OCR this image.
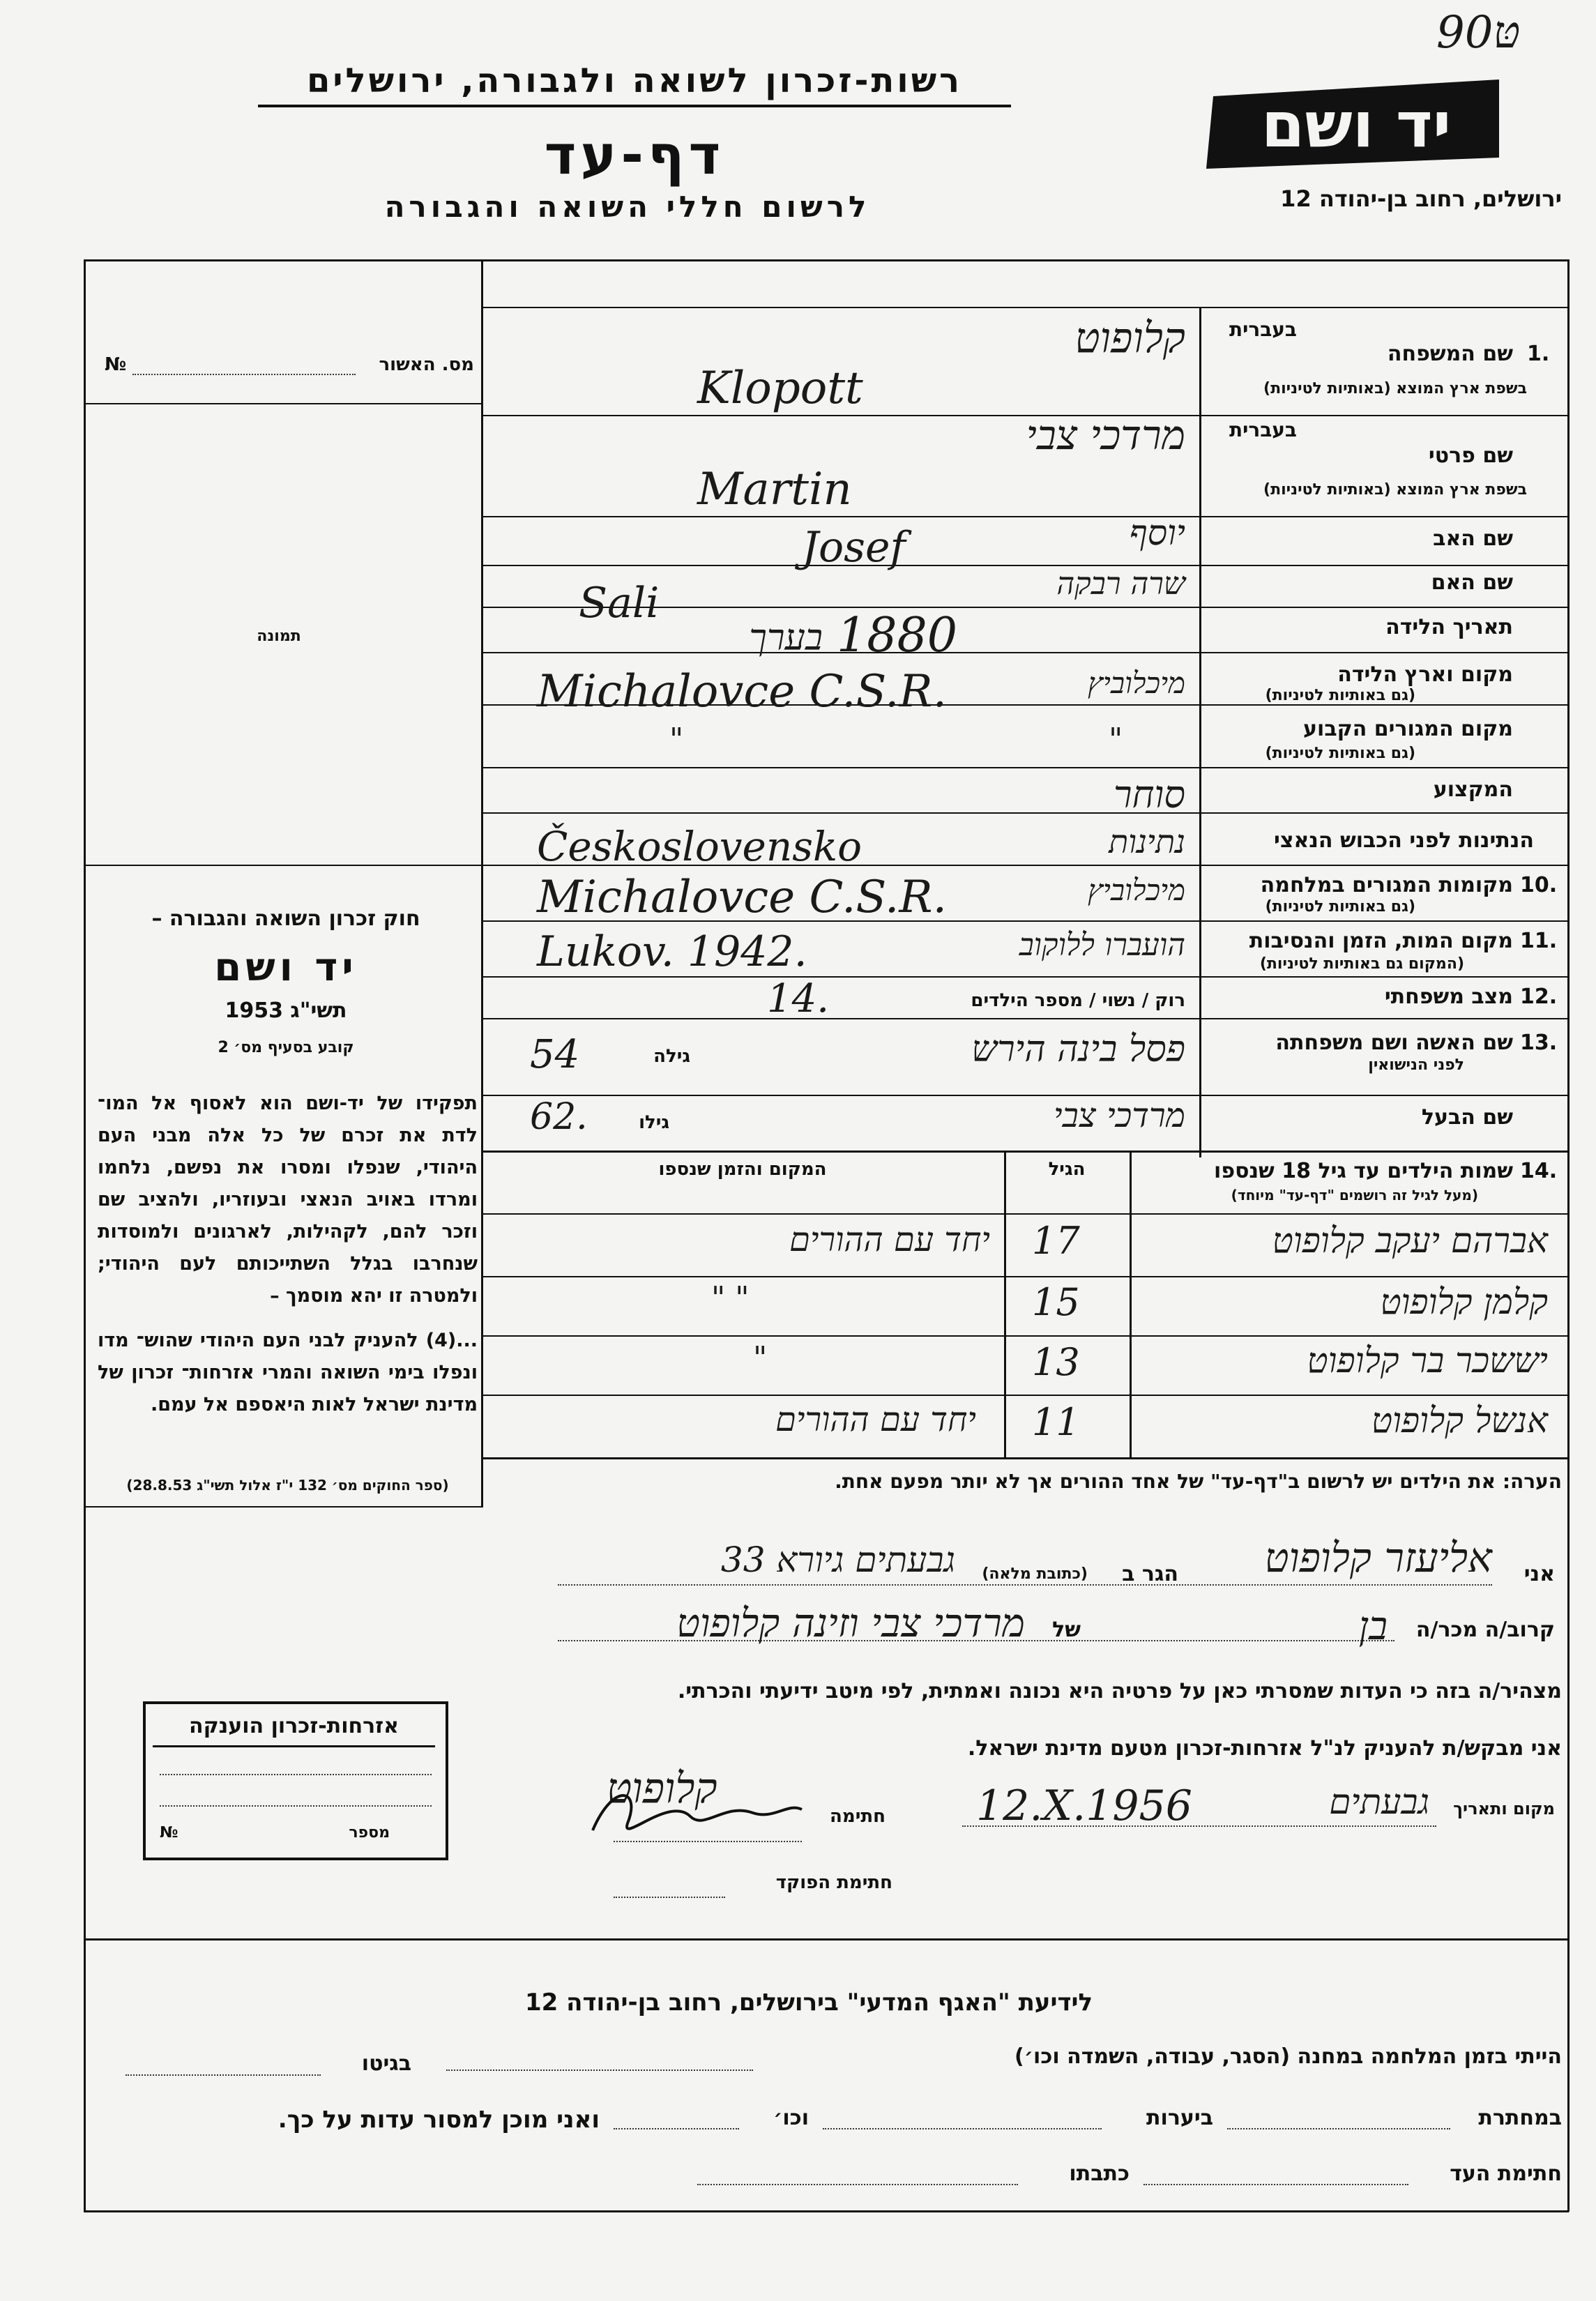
רשות-זכרון לשואה ולגבורה, ירושלים
דף-עד
לרשום חללי השואה והגבורה
יד ושם
ירושלים, רחוב בן-יהודה 12
9טּ0
מס. האשור
№
תמונה
חוק זכרון השואה והגבורה –
יד ושם
תשי"ג 1953
קובע בסעיף מס׳ 2
תפקידו של יד-ושם הוא לאסוף אל המו־ לדת את זכרם של כל אלה מבני העם היהודי, שנפלו ומסרו את נפשם, נלחמו ומרדו באויב הנאצי ובעוזריו, ולהציב שם וזכר להם, לקהילות, לארגונים ולמוסדות שנחרבו בגלל השתייכותם לעם היהודי; ולמטרה זו יהא מוסמך –
...(4) להעניק לבני העם היהודי שהוש־ מדו ונפלו בימי השואה והמרי אזרחות־ זכרון של מדינת ישראל לאות היאספם אל עמם.
(ספר החוקים מס׳ 132 י"ז אלול תשי"ג 28.8.53)
אזרחות-זכרון הוענקה
מספר
№
1.
שם המשפחה
בעברית
בשפת ארץ המוצא (באותיות לטיניות)
קלופוט
Klopott
בעברית
שם פרטי
בשפת ארץ המוצא (באותיות לטיניות)
מרדכי צבי
Martin
שם האב
יוסף
Josef
שם האם
שרה רבקה
Sali	תאריך הלידה
בערך 1880
מקום וארץ הלידה
(גם באותיות לטיניות)
מיכלוביץ
Michalovce C.S.R.
מקום המגורים הקבוע
(גם באותיות לטיניות)
"
"
המקצוע
סוחר
הנתינות לפני הכבוש הנאצי
נתינות
Československo
10.
מקומות המגורים במלחמה
(גם באותיות לטיניות)
מיכלוביץ
Michalovce C.S.R.
11.
מקום המות, הזמן והנסיבות
(המקום גם באותיות לטיניות)
הועברו ללוקוב
Lukov. 1942.
12.
מצב משפחתי
רוק / נשוי / מספר הילדים
14.
13.
שם האשה ושם משפחתה
לפני הנישואין
גילה	פסל בינה הירש
54
שם הבעל
גילו	מרדכי צבי
62.
14.
שמות הילדים עד גיל 18 שנספו
(מעל לגיל זה רושמים "דף-עד" מיוחד)
הגיל
המקום והזמן שנספו
אברהם יעקב קלופוט
17
יחד עם ההורים
קלמן קלופוט
15
" "
יששכר בר קלופוט
13
"
אנשל קלופוט
11
יחד עם ההורים
הערה: את הילדים יש לרשום ב"דף-עד" של אחד ההורים אך לא יותר מפעם אחת.
אני
אליעזר קלופוט
הגר ב
(כתובת מלאה)
גבעתים גיורא 33
קרוב/ה מכר/ה
בן
של
מרדכי צבי וזינה קלופוט
מצהיר/ה בזה כי העדות שמסרתי כאן על פרטיה היא נכונה ואמתית, לפי מיטב ידיעתי והכרתי.
אני מבקש/ת להעניק לנ"ל אזרחות-זכרון מטעם מדינת ישראל.
מקום ותאריך
גבעתים
12.X.1956
חתימה
קלופוט
חתימת הפוקד
לידיעת "האגף המדעי" בירושלים, רחוב בן-יהודה 12
הייתי בזמן המלחמה במחנה (הסגר, עבודה, השמדה וכו׳)
בגיטו
במחתרת
ביערות
וכו׳
ואני מוכן למסור עדות על כך.
חתימת העד
כתבתו
